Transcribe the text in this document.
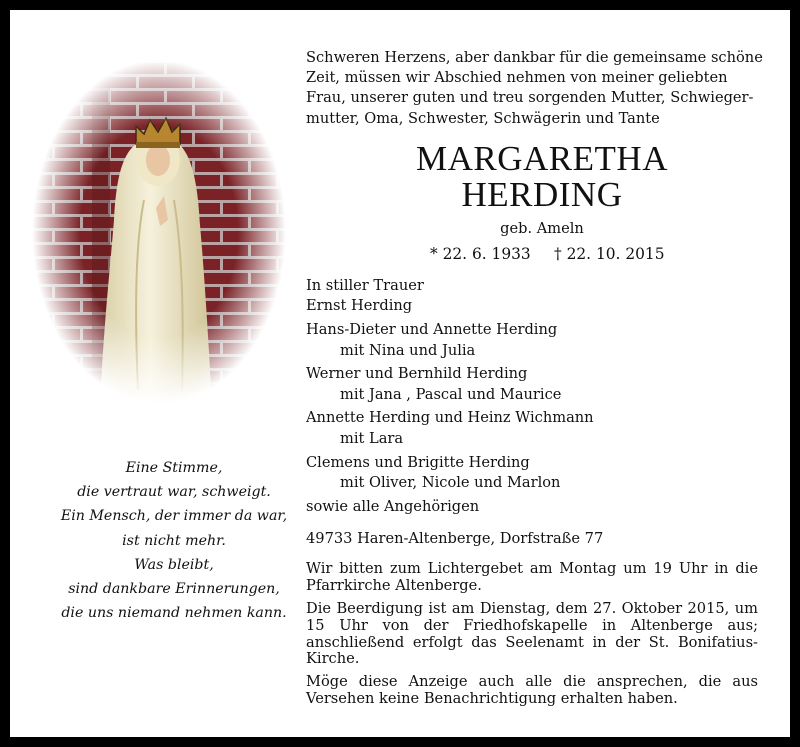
Eine Stimme,
die vertraut war, schweigt.
Ein Mensch, der immer da war,
ist nicht mehr.
Was bleibt,
sind dankbare Erinnerungen,
die uns niemand nehmen kann.
Schweren Herzens, aber dankbar für die gemeinsame schöne
Zeit, müssen wir Abschied nehmen von meiner geliebten
Frau, unserer guten und treu sorgenden Mutter, Schwieger-
mutter, Oma, Schwester, Schwägerin und Tante
MARGARETHA
HERDING
geb. Ameln
* 22. 6. 1933 † 22. 10. 2015
In stiller Trauer
Ernst Herding
Hans-Dieter und Annette Herding
mit Nina und Julia
Werner und Bernhild Herding
mit Jana , Pascal und Maurice
Annette Herding und Heinz Wichmann
mit Lara
Clemens und Brigitte Herding
mit Oliver, Nicole und Marlon
sowie alle Angehörigen
49733 Haren-Altenberge, Dorfstraße 77
Wir bitten zum Lichtergebet am Montag um 19 Uhr in die Pfarrkirche Altenberge.
Die Beerdigung ist am Dienstag, dem 27. Oktober 2015, um 15 Uhr von der Friedhofskapelle in Altenberge aus; anschließend erfolgt das Seelenamt in der St. Bonifatius-Kirche.
Möge diese Anzeige auch alle die ansprechen, die aus Versehen keine Benachrichtigung erhalten haben.
